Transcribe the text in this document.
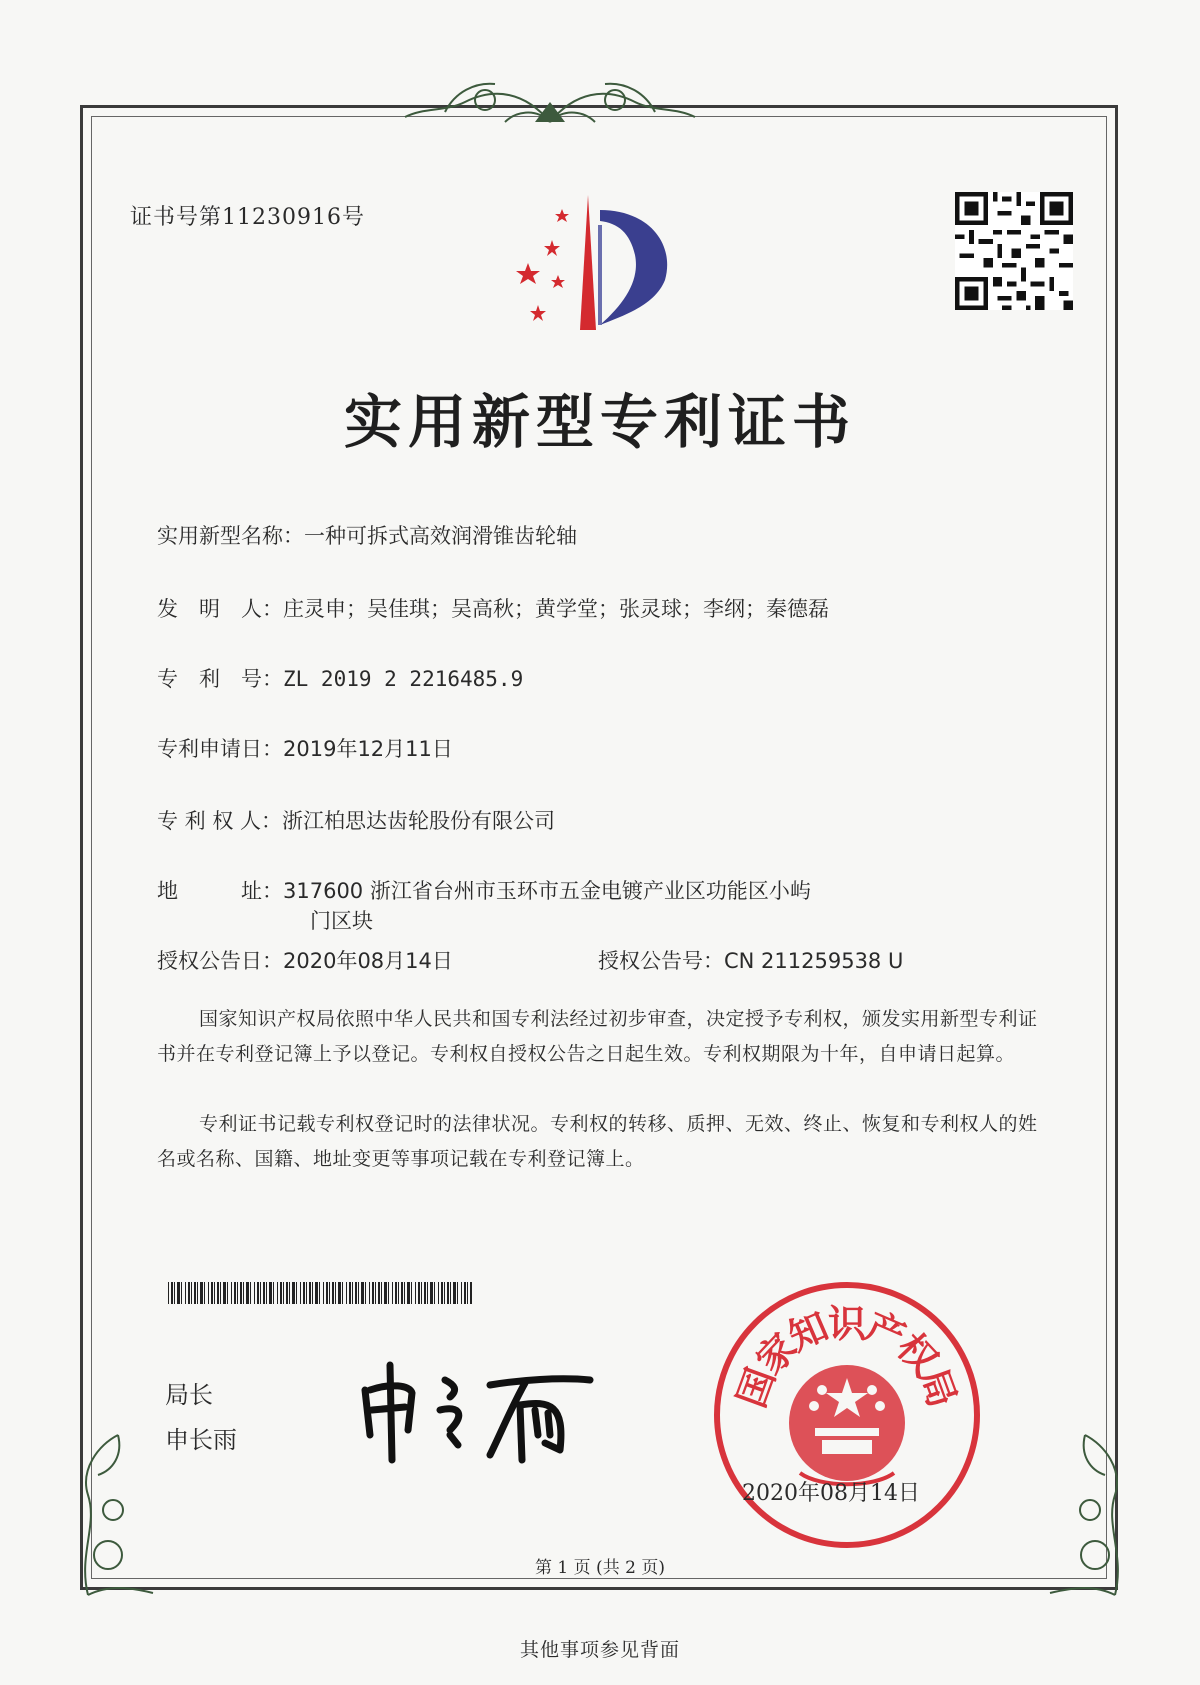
证书号第11230916号
实用新型专利证书
实用新型名称：一种可拆式高效润滑锥齿轮轴
发　明　人：庄灵申；吴佳琪；吴高秋；黄学堂；张灵球；李纲；秦德磊
专　利　号：ZL 2019 2 2216485.9
专利申请日：2019年12月11日
专 利 权 人：浙江柏思达齿轮股份有限公司
地　　　址：317600 浙江省台州市玉环市五金电镀产业区功能区小屿
门区块
授权公告日：2020年08月14日	授权公告号：CN 211259538 U
国家知识产权局依照中华人民共和国专利法经过初步审查，决定授予专利权，颁发实用新型专利证书并在专利登记簿上予以登记。专利权自授权公告之日起生效。专利权期限为十年，自申请日起算。
专利证书记载专利权登记时的法律状况。专利权的转移、质押、无效、终止、恢复和专利权人的姓名或名称、国籍、地址变更等事项记载在专利登记簿上。
局长
申长雨
国
家
知
识
产
权
局
2020年08月14日
第 1 页 (共 2 页)
其他事项参见背面
